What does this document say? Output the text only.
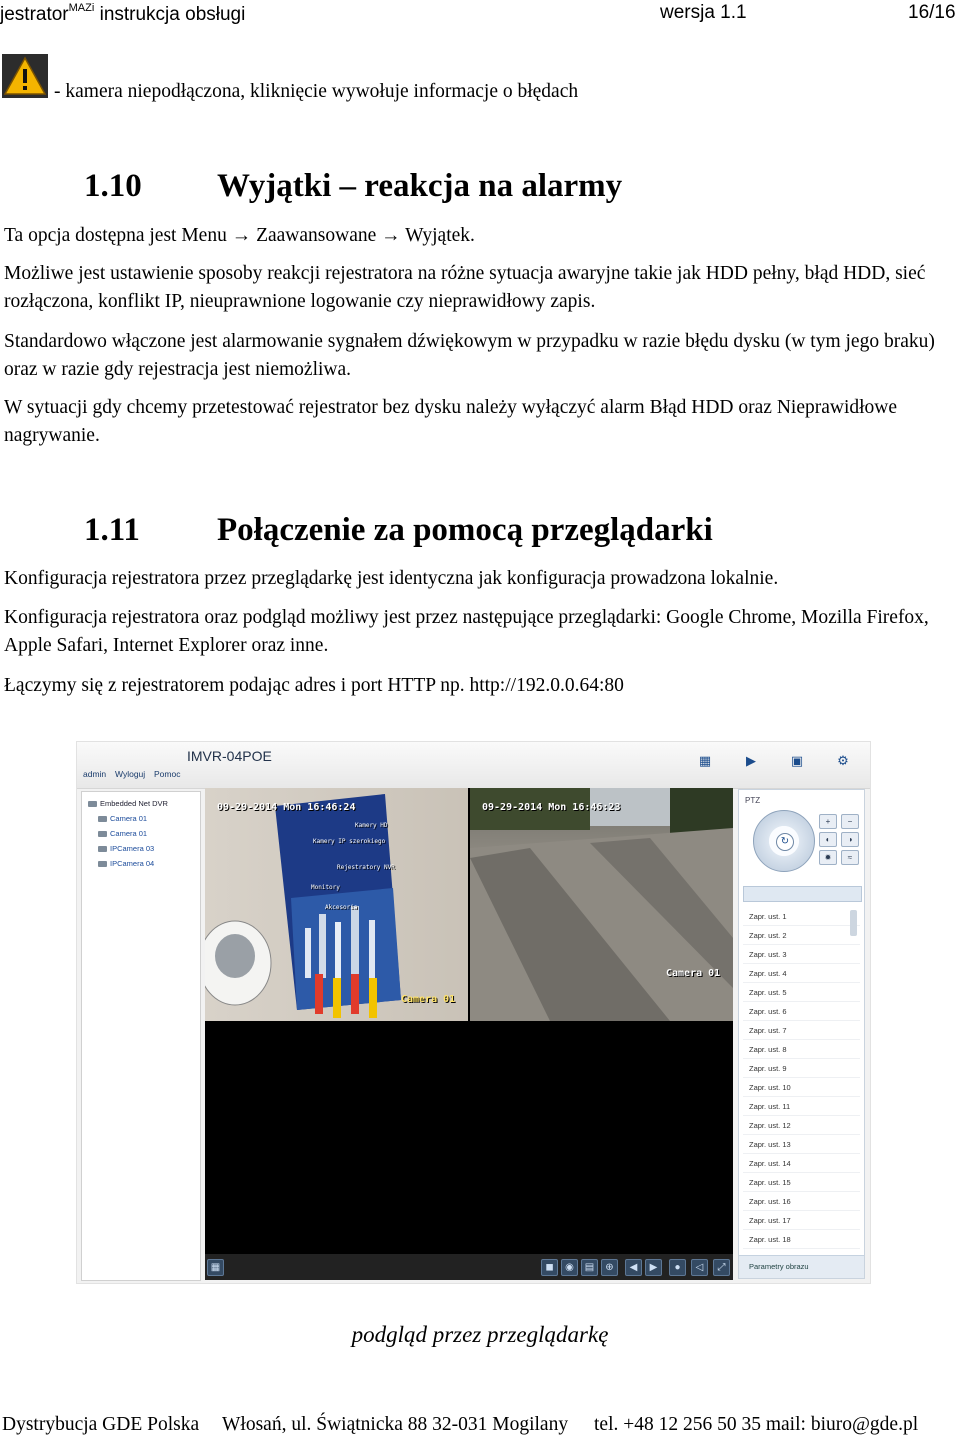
jestrator$^{MAZi}$ instrukcja obsługi	wersja 1.1	16/16
- kamera niepodłączona, kliknięcie wywołuje informacje o błędach
1.10 Wyjątki – reakcja na alarmy
Ta opcja dostępna jest Menu → Zaawansowane → Wyjątek.
Możliwe jest ustawienie sposoby reakcji rejestratora na różne sytuacja awaryjne takie jak HDD pełny, błąd HDD, sieć rozłączona, konflikt IP, nieuprawnione logowanie czy nieprawidłowy zapis.
Standardowo włączone jest alarmowanie sygnałem dźwiękowym w przypadku w razie błędu dysku (w tym jego braku) oraz w razie gdy rejestracja jest niemożliwa.
W sytuacji gdy chcemy przetestować rejestrator bez dysku należy wyłączyć alarm Błąd HDD oraz Nieprawidłowe nagrywanie.
1.11 Połączenie za pomocą przeglądarki
Konfiguracja rejestratora przez przeglądarkę jest identyczna jak konfiguracja prowadzona lokalnie.
Konfiguracja rejestratora oraz podgląd możliwy jest przez następujące przeglądarki: Google Chrome, Mozilla Firefox, Apple Safari, Internet Explorer oraz inne.
Łączymy się z rejestratorem podając adres i port HTTP np. http://192.0.0.64:80
IMVR-04POE
admin Wyloguj Pomoc
▦	▶	▣	⚙
Embedded Net DVR
Camera 01
Camera 01
IPCamera 03
IPCamera 04
09-29-2014 Mon 16:46:24
Kamery IP szerokiego
Rejestratory NVR
Monitory
Akcesoria
Kamery HD
Camera 01
09-29-2014 Mon 16:46:23
Camera 01
▦	◼	◉	▤	⊕	◀	▶	●	◁	⤢
PTZ
↻
+	−
◐	◑
✹	≈
Zapr. ust. 1
Zapr. ust. 2
Zapr. ust. 3
Zapr. ust. 4
Zapr. ust. 5
Zapr. ust. 6
Zapr. ust. 7
Zapr. ust. 8
Zapr. ust. 9
Zapr. ust. 10
Zapr. ust. 11
Zapr. ust. 12
Zapr. ust. 13
Zapr. ust. 14
Zapr. ust. 15
Zapr. ust. 16
Zapr. ust. 17
Zapr. ust. 18
Parametry obrazu
podgląd przez przeglądarkę
Dystrybucja GDE Polska Włosań, ul. Świątnicka 88 32-031 Mogilany tel. +48 12 256 50 35 mail: biuro@gde.pl
